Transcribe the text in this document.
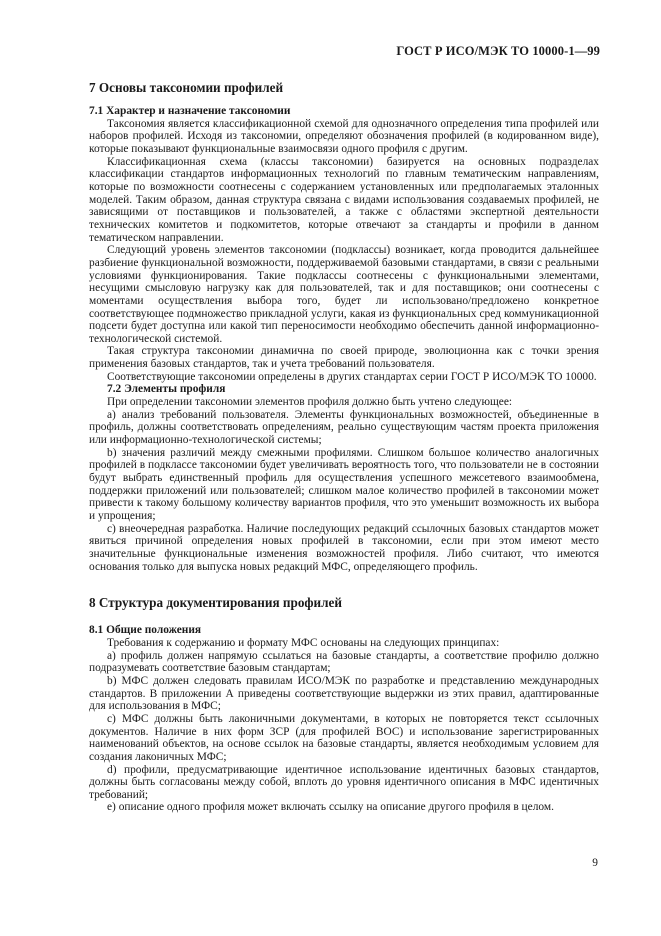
ГОСТ Р ИСО/МЭК ТО 10000-1—99
7 Основы таксономии профилей
7.1 Характер и назначение таксономии

Таксономия является классификационной схемой для однозначного определения типа профилей или наборов профилей. Исходя из таксономии, определяют обозначения профилей (в кодированном виде), которые показывают функциональные взаимосвязи одного профиля с другим.

Классификационная схема (классы таксономии) базируется на основных подразделах классификации стандартов информационных технологий по главным тематическим направлениям, которые по возможности соотнесены с содержанием установленных или предполагаемых эталонных моделей. Таким образом, данная структура связана с видами использования создаваемых профилей, не зависящими от поставщиков и пользователей, а также с областями экспертной деятельности технических комитетов и подкомитетов, которые отвечают за стандарты и профили в данном тематическом направлении.

Следующий уровень элементов таксономии (подклассы) возникает, когда проводится дальнейшее разбиение функциональной возможности, поддерживаемой базовыми стандартами, в связи с реальными условиями функционирования. Такие подклассы соотнесены с функциональными элементами, несущими смысловую нагрузку как для пользователей, так и для поставщиков; они соотнесены с моментами осуществления выбора того, будет ли использовано/предложено конкретное соответствующее подмножество прикладной услуги, какая из функциональных сред коммуникационной подсети будет доступна или какой тип переносимости необходимо обеспечить данной информационно-технологической системой.

Такая структура таксономии динамична по своей природе, эволюционна как с точки зрения применения базовых стандартов, так и учета требований пользователя.

Соответствующие таксономии определены в других стандартах серии ГОСТ Р ИСО/МЭК ТО 10000.

7.2 Элементы профиля

При определении таксономии элементов профиля должно быть учтено следующее:

a) анализ требований пользователя. Элементы функциональных возможностей, объединенные в профиль, должны соответствовать определениям, реально существующим частям проекта приложения или информационно-технологической системы;

b) значения различий между смежными профилями. Слишком большое количество аналогичных профилей в подклассе таксономии будет увеличивать вероятность того, что пользователи не в состоянии будут выбрать единственный профиль для осуществления успешного межсетевого взаимообмена, поддержки приложений или пользователей; слишком малое количество профилей в таксономии может привести к такому большому количеству вариантов профиля, что это уменьшит возможность их выбора и упрощения;

c) внеочередная разработка. Наличие последующих редакций ссылочных базовых стандартов может явиться причиной определения новых профилей в таксономии, если при этом имеют место значительные функциональные изменения возможностей профиля. Либо считают, что имеются основания только для выпуска новых редакций МФС, определяющего профиль.

8 Структура документирования профилей
8.1 Общие положения

Требования к содержанию и формату МФС основаны на следующих принципах:

a) профиль должен напрямую ссылаться на базовые стандарты, а соответствие профилю должно подразумевать соответствие базовым стандартам;

b) МФС должен следовать правилам ИСО/МЭК по разработке и представлению международных стандартов. В приложении А приведены соответствующие выдержки из этих правил, адаптированные для использования в МФС;

c) МФС должны быть лаконичными документами, в которых не повторяется текст ссылочных документов. Наличие в них форм ЗСР (для профилей ВОС) и использование зарегистрированных наименований объектов, на основе ссылок на базовые стандарты, является необходимым условием для создания лаконичных МФС;

d) профили, предусматривающие идентичное использование идентичных базовых стандартов, должны быть согласованы между собой, вплоть до уровня идентичного описания в МФС идентичных требований;

e) описание одного профиля может включать ссылку на описание другого профиля в целом.

9
